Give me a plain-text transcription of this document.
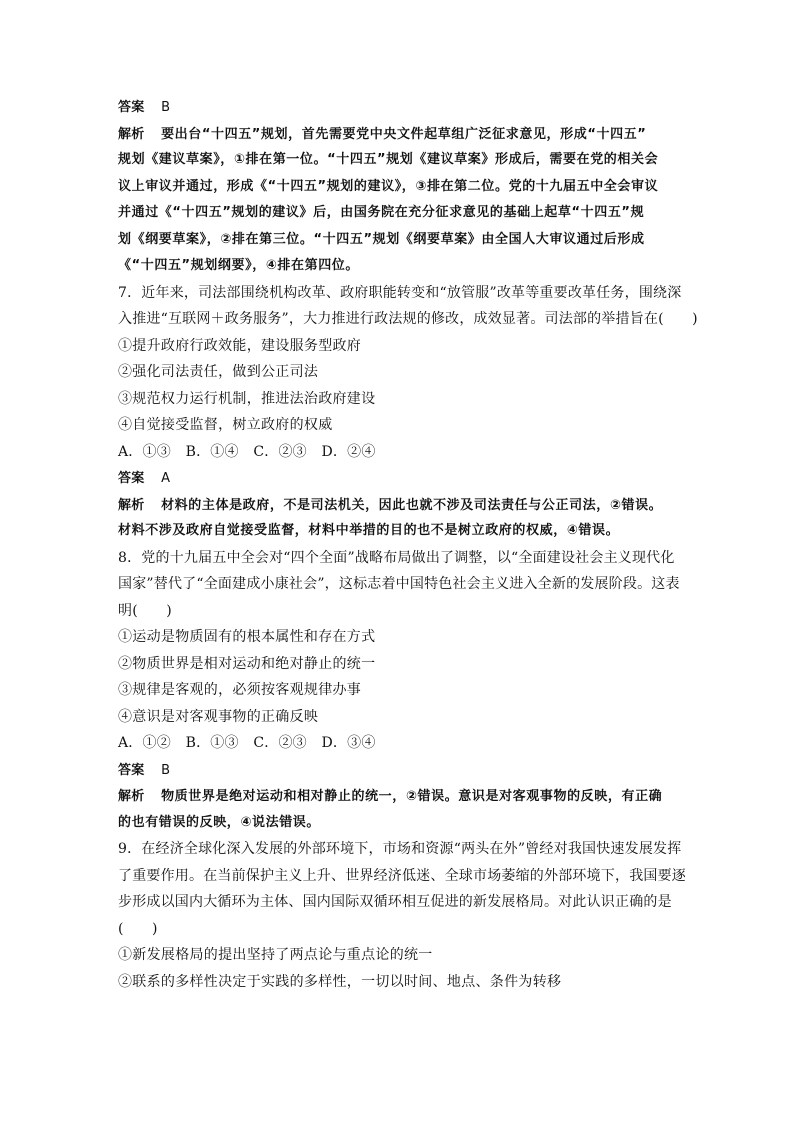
答案 B
解析 要出台“十四五”规划，首先需要党中央文件起草组广泛征求意见，形成“十四五”
规划《建议草案》，①排在第一位。“十四五”规划《建议草案》形成后，需要在党的相关会
议上审议并通过，形成《“十四五”规划的建议》，③排在第二位。党的十九届五中全会审议
并通过《“十四五”规划的建议》后，由国务院在充分征求意见的基础上起草“十四五”规
划《纲要草案》，②排在第三位。“十四五”规划《纲要草案》由全国人大审议通过后形成
《“十四五”规划纲要》，④排在第四位。
7．近年来，司法部围绕机构改革、政府职能转变和“放管服”改革等重要改革任务，围绕深
入推进“互联网＋政务服务”，大力推进行政法规的修改，成效显著。司法部的举措旨在(　　)
①提升政府行政效能，建设服务型政府
②强化司法责任，做到公正司法
③规范权力运行机制，推进法治政府建设
④自觉接受监督，树立政府的权威
A．①③ B．①④ C．②③ D．②④
答案 A
解析 材料的主体是政府，不是司法机关，因此也就不涉及司法责任与公正司法，②错误。
材料不涉及政府自觉接受监督，材料中举措的目的也不是树立政府的权威，④错误。
8．党的十九届五中全会对“四个全面”战略布局做出了调整，以“全面建设社会主义现代化
国家”替代了“全面建成小康社会”，这标志着中国特色社会主义进入全新的发展阶段。这表
明(　　)
①运动是物质固有的根本属性和存在方式
②物质世界是相对运动和绝对静止的统一
③规律是客观的，必须按客观规律办事
④意识是对客观事物的正确反映
A．①② B．①③ C．②③ D．③④
答案 B
解析 物质世界是绝对运动和相对静止的统一，②错误。意识是对客观事物的反映，有正确
的也有错误的反映，④说法错误。
9．在经济全球化深入发展的外部环境下，市场和资源“两头在外”曾经对我国快速发展发挥
了重要作用。在当前保护主义上升、世界经济低迷、全球市场萎缩的外部环境下，我国要逐
步形成以国内大循环为主体、国内国际双循环相互促进的新发展格局。对此认识正确的是
(　　)
①新发展格局的提出坚持了两点论与重点论的统一
②联系的多样性决定于实践的多样性，一切以时间、地点、条件为转移
